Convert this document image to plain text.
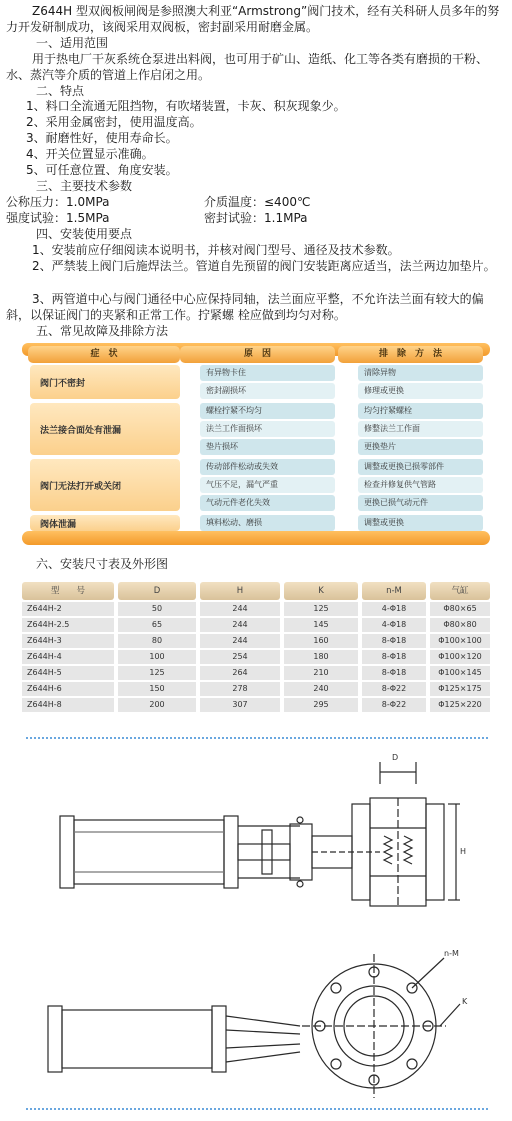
Z644H 型双阀板闸阀是参照澳大利亚“Armstrong”阀门技术，经有关科研人员多年的努力开发研制成功，该阀采用双阀板，密封副采用耐磨金属。
一、适用范围
用于热电厂干灰系统仓泵进出料阀，也可用于矿山、造纸、化工等各类有磨损的干粉、水、蒸汽等介质的管道上作启闭之用。
二、特点
1、料口全流通无阻挡物，有吹堵装置，卡灰、积灰现象少。
2、采用金属密封，使用温度高。
3、耐磨性好，使用寿命长。
4、开关位置显示准确。
5、可任意位置、角度安装。
三、主要技术参数
公称压力：1.0MPa	介质温度：≤400℃
强度试验：1.5MPa	密封试验：1.1MPa
四、安装使用要点
1、安装前应仔细阅读本说明书，并核对阀门型号、通径及技术参数。
2、严禁装上阀门后施焊法兰。管道自先预留的阀门安装距离应适当，法兰两边加垫片。
3、两管道中心与阀门通径中心应保持同轴，法兰面应平整，不允许法兰面有较大的偏斜，以保证阀门的夹紧和正常工作。拧紧螺 栓应做到均匀对称。
五、常见故障及排除方法
症　状	原　因	排　除　方　法
阀门不密封
有异物卡住	清除异物
密封副损坏	修理或更换
法兰接合面处有泄漏
螺栓拧紧不均匀	均匀拧紧螺栓
法兰工作面损坏	修整法兰工作面
垫片损坏	更换垫片
阀门无法打开或关闭
传动部件松动或失效	调整或更换已损零部件
气压不足，漏气严重	检查并修复供气管路
气动元件老化失效	更换已损气动元件
阀体泄漏	填料松动、磨损	调整或更换
六、安装尺寸表及外形图
型　　号	D	H	K	n-M	气缸
Z644H-2	50	244	125	4-Φ18	Φ80×65
Z644H-2.5	65	244	145	4-Φ18	Φ80×80
Z644H-3	80	244	160	8-Φ18	Φ100×100
Z644H-4	100	254	180	8-Φ18	Φ100×120
Z644H-5	125	264	210	8-Φ18	Φ100×145
Z644H-6	150	278	240	8-Φ22	Φ125×175
Z644H-8	200	307	295	8-Φ22	Φ125×220
D
H
n-M
K
